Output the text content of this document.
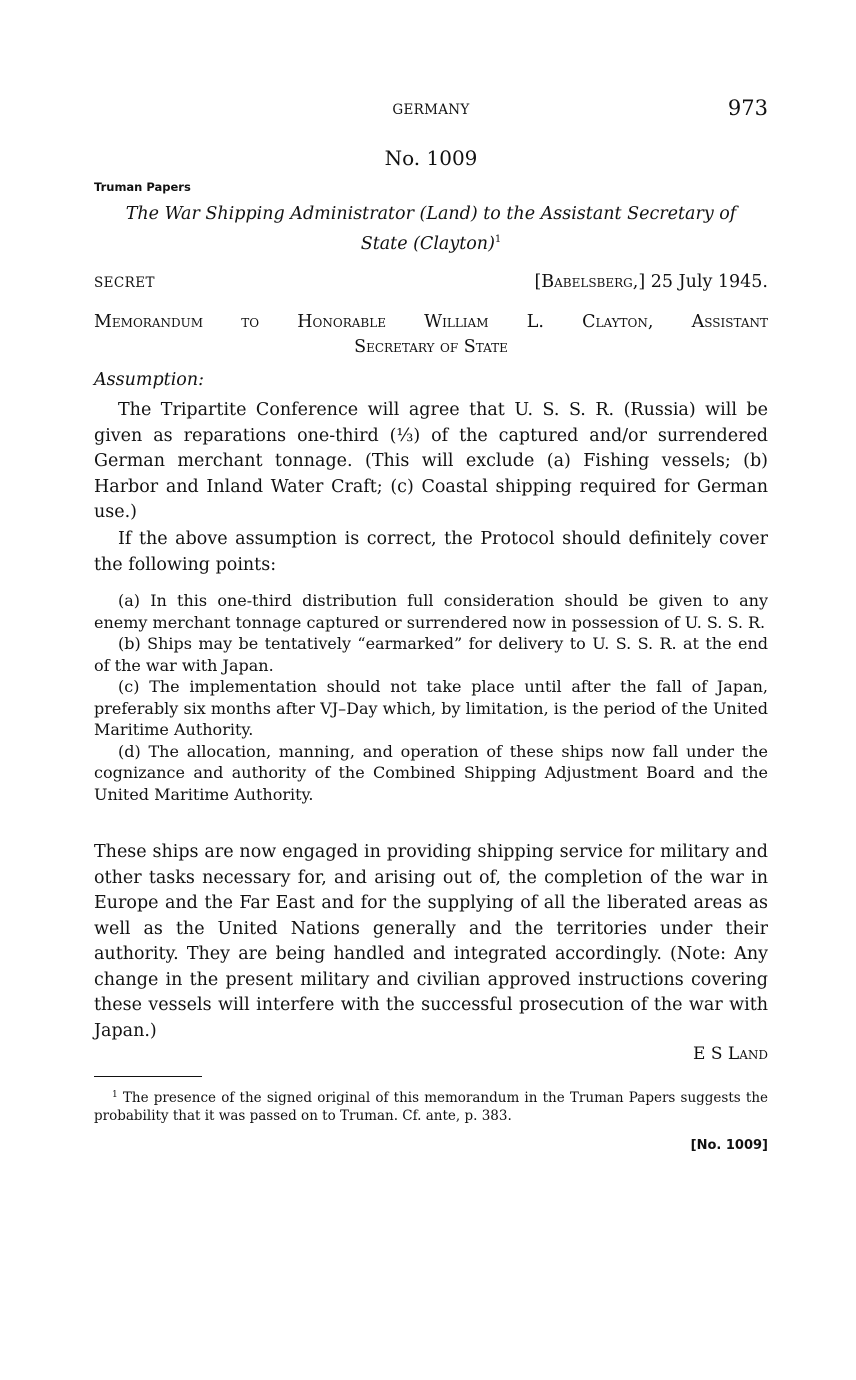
GERMANY	973
No. 1009
Truman Papers
The War Shipping Administrator (Land) to the Assistant Secretary of
State (Clayton)$^1$
SECRET	[Babelsberg,] 25 July 1945.
Memorandum to Honorable William L. Clayton, Assistant
Secretary of State
Assumption:
The Tripartite Conference will agree that U. S. S. R. (Russia) will be given as reparations one-third (⅓) of the captured and/or surrendered German merchant tonnage. (This will exclude (a) Fishing vessels; (b) Harbor and Inland Water Craft; (c) Coastal shipping required for German use.)
If the above assumption is correct, the Protocol should definitely cover the following points:

(a) In this one-third distribution full consideration should be given to any enemy merchant tonnage captured or surrendered now in possession of U. S. S. R.

(b) Ships may be tentatively “earmarked” for delivery to U. S. S. R. at the end of the war with Japan.

(c) The implementation should not take place until after the fall of Japan, preferably six months after VJ–Day which, by limitation, is the period of the United Maritime Authority.

(d) The allocation, manning, and operation of these ships now fall under the cognizance and authority of the Combined Shipping Adjustment Board and the United Maritime Authority.

These ships are now engaged in providing shipping service for military and other tasks necessary for, and arising out of, the completion of the war in Europe and the Far East and for the supplying of all the liberated areas as well as the United Nations generally and the territories under their authority. They are being handled and integrated accordingly. (Note: Any change in the present military and civilian approved instructions covering these vessels will interfere with the successful prosecution of the war with Japan.)
E S Land
$^1$ The presence of the signed original of this memorandum in the Truman Papers suggests the probability that it was passed on to Truman. Cf. ante, p. 383.
[No. 1009]
